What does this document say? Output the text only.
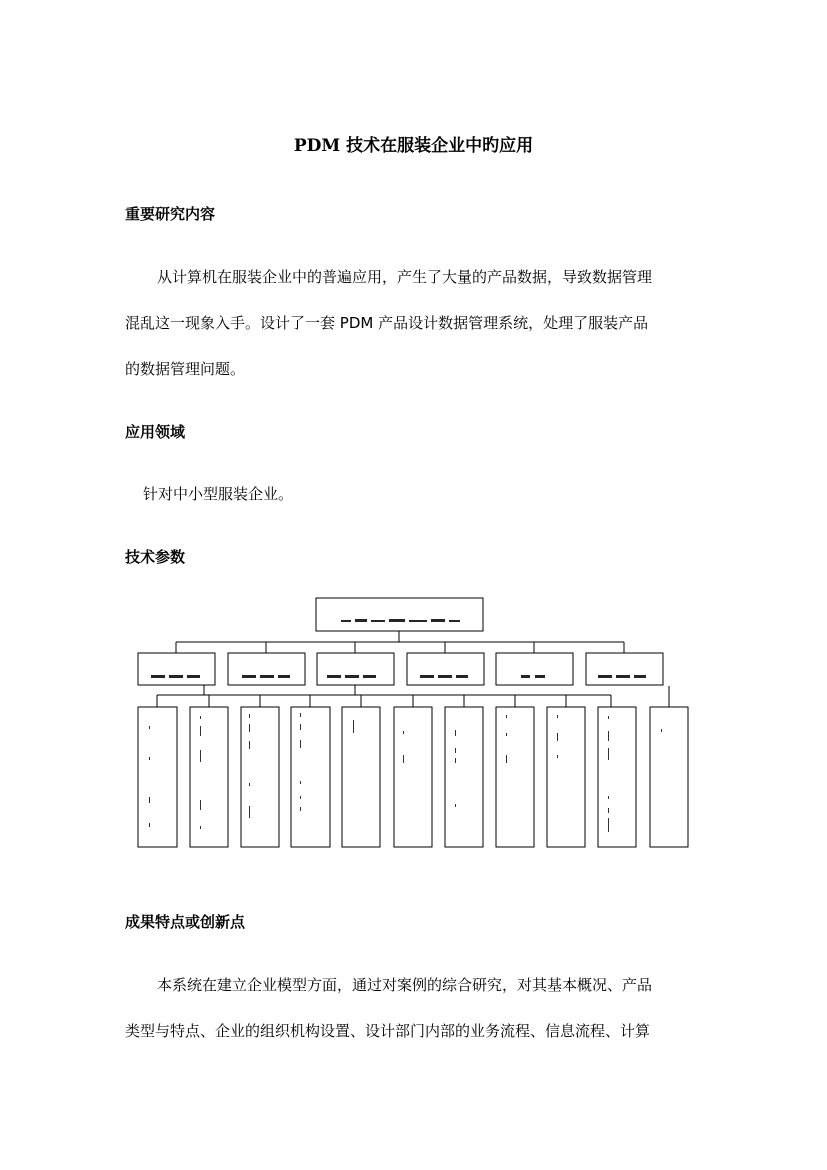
PDM 技术在服装企业中旳应用
重要研究内容
从计算机在服装企业中的普遍应用，产生了大量的产品数据，导致数据管理
混乱这一现象入手。设计了一套 PDM 产品设计数据管理系统，处理了服装产品
的数据管理问题。
应用领域
针对中小型服装企业。
技术参数
成果特点或创新点
本系统在建立企业模型方面，通过对案例的综合研究，对其基本概况、产品
类型与特点、企业的组织机构设置、设计部门内部的业务流程、信息流程、计算
